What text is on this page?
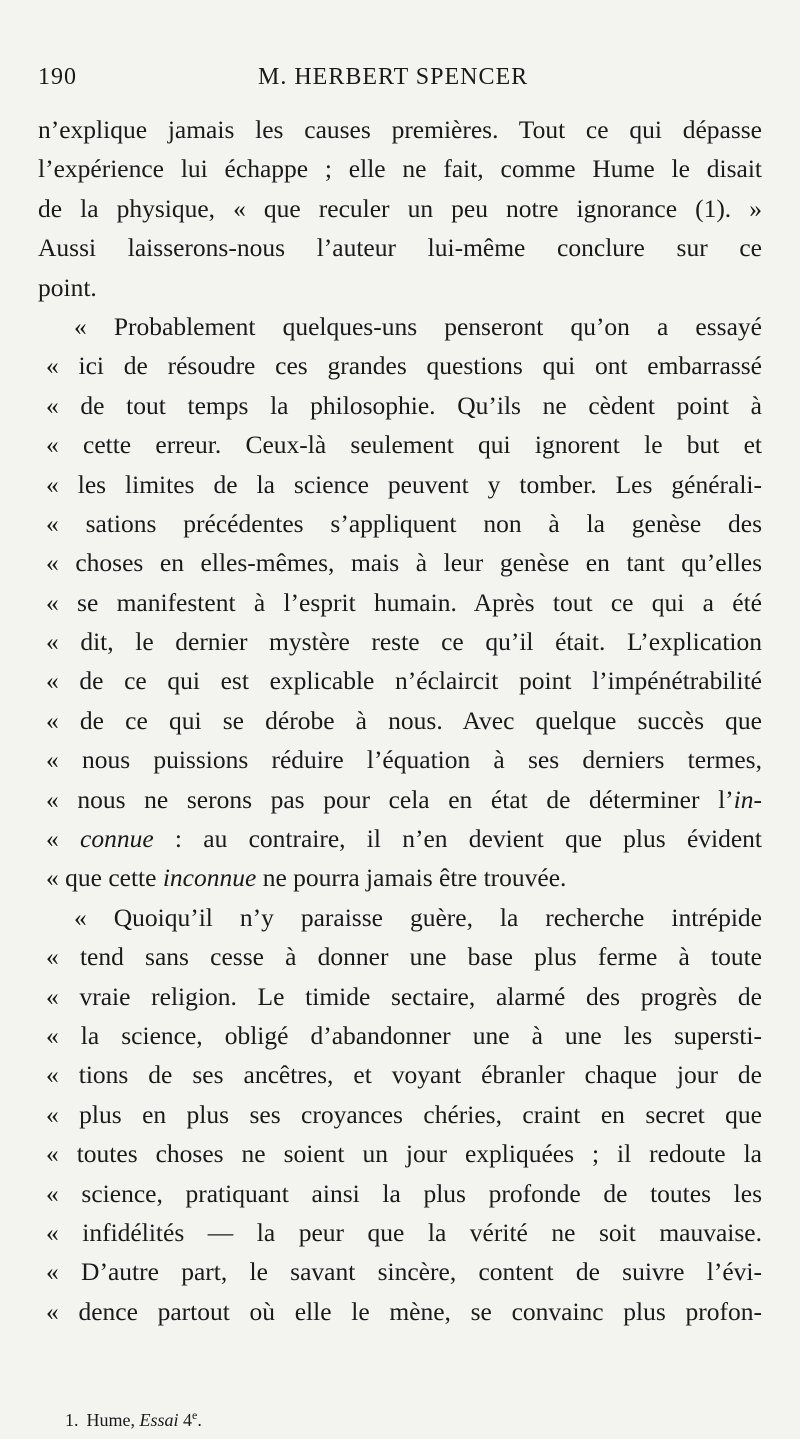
190	M. HERBERT SPENCER
n’explique jamais les causes premières. Tout ce qui dépasse
l’expérience lui échappe ; elle ne fait, comme Hume le disait
de la physique, « que reculer un peu notre ignorance (1). »
Aussi laisserons-nous l’auteur lui-même conclure sur ce
point.
« Probablement quelques-uns penseront qu’on a essayé
« ici de résoudre ces grandes questions qui ont embarrassé
« de tout temps la philosophie. Qu’ils ne cèdent point à
« cette erreur. Ceux-là seulement qui ignorent le but et
« les limites de la science peuvent y tomber. Les générali-
« sations précédentes s’appliquent non à la genèse des
« choses en elles-mêmes, mais à leur genèse en tant qu’elles
« se manifestent à l’esprit humain. Après tout ce qui a été
« dit, le dernier mystère reste ce qu’il était. L’explication
« de ce qui est explicable n’éclaircit point l’impénétrabilité
« de ce qui se dérobe à nous. Avec quelque succès que
« nous puissions réduire l’équation à ses derniers termes,
« nous ne serons pas pour cela en état de déterminer l’in-
« connue : au contraire, il n’en devient que plus évident
« que cette inconnue ne pourra jamais être trouvée.
« Quoiqu’il n’y paraisse guère, la recherche intrépide
« tend sans cesse à donner une base plus ferme à toute
« vraie religion. Le timide sectaire, alarmé des progrès de
« la science, obligé d’abandonner une à une les supersti-
« tions de ses ancêtres, et voyant ébranler chaque jour de
« plus en plus ses croyances chéries, craint en secret que
« toutes choses ne soient un jour expliquées ; il redoute la
« science, pratiquant ainsi la plus profonde de toutes les
« infidélités — la peur que la vérité ne soit mauvaise.
« D’autre part, le savant sincère, content de suivre l’évi-
« dence partout où elle le mène, se convainc plus profon-
1. Hume, Essai 4e.
